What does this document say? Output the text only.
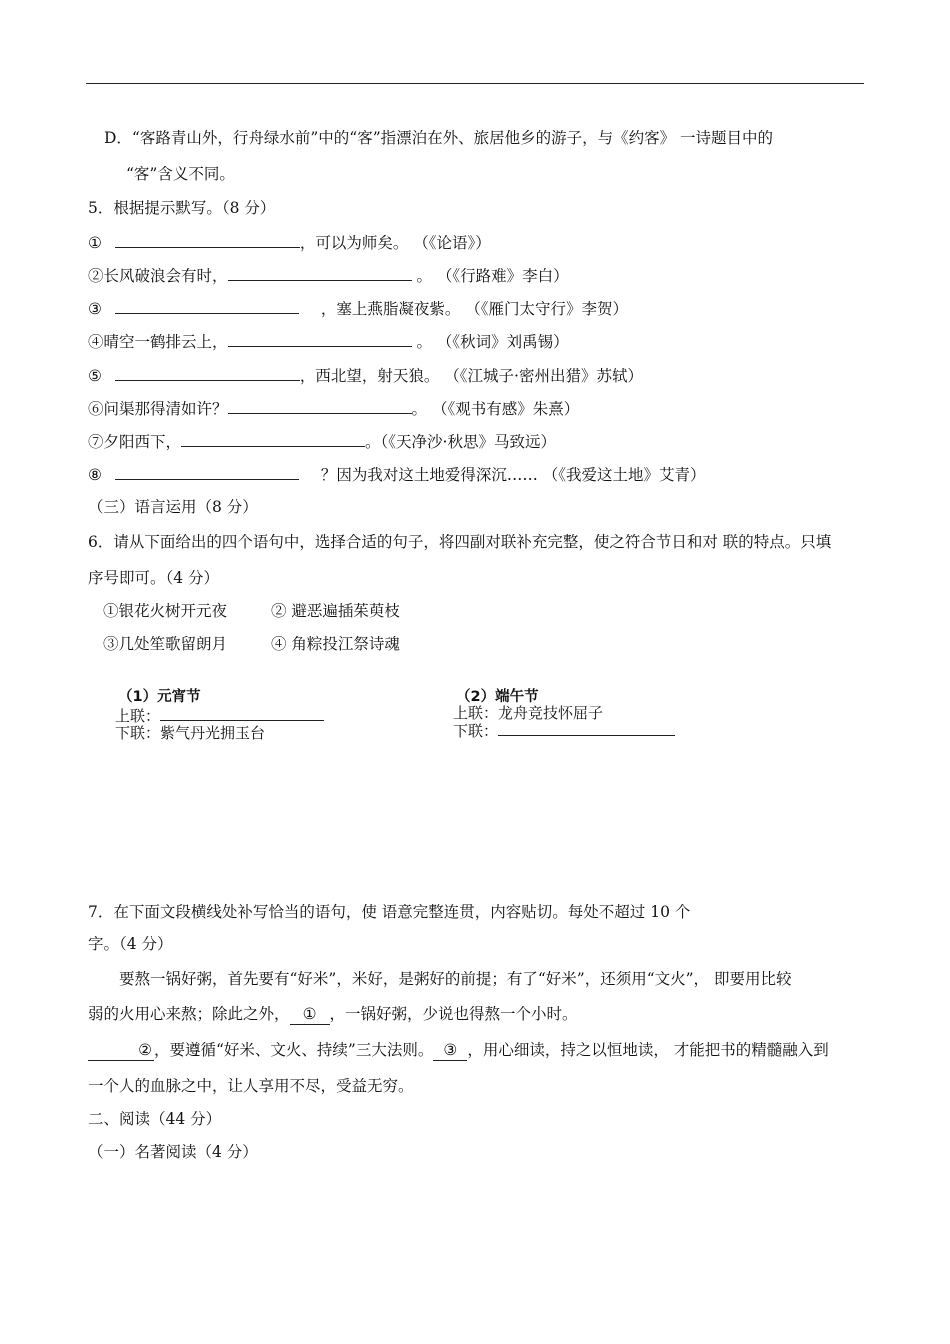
D．“客路青山外，行舟绿水前”中的“客”指漂泊在外、旅居他乡的游子，与《约客》 一诗题目中的
“客”含义不同。
5．根据提示默写。（8 分）
①	，可以为师矣。 （《论语》）
②长风破浪会有时，	。 （《行路难》李白）
③	，塞上燕脂凝夜紫。 （《雁门太守行》李贺）
④晴空一鹤排云上，	。 （《秋词》刘禹锡）
⑤	，西北望，射天狼。 （《江城子·密州出猎》苏轼）
⑥问渠那得清如许？	。 （《观书有感》朱熹）
⑦夕阳西下，	。（《天净沙·秋思》马致远）
⑧	？因为我对这土地爱得深沉…… （《我爱这土地》艾青）
（三）语言运用（8 分）
6．请从下面给出的四个语句中，选择合适的句子，将四副对联补充完整，使之符合节日和对 联的特点。只填
序号即可。（4 分）
①银花火树开元夜	② 避恶遍插茱萸枝
③几处笙歌留朗月	④ 角粽投江祭诗魂
（1）元宵节
上联：
下联：紫气丹光拥玉台
（2）端午节
上联：龙舟竞技怀屈子
下联：
7．在下面文段横线处补写恰当的语句，使 语意完整连贯，内容贴切。每处不超过 10 个
字。（4 分）
要熬一锅好粥，首先要有“好米”，米好，是粥好的前提；有了“好米”，还须用“文火”， 即要用比较
弱的火用心来熬；除此之外， ① ，一锅好粥，少说也得熬一个小时。
② ，要遵循“好米、文火、持续”三大法则。 ③ ，用心细读，持之以恒地读， 才能把书的精髓融入到
一个人的血脉之中，让人享用不尽，受益无穷。
二、阅读（44 分）
（一）名著阅读（4 分）
